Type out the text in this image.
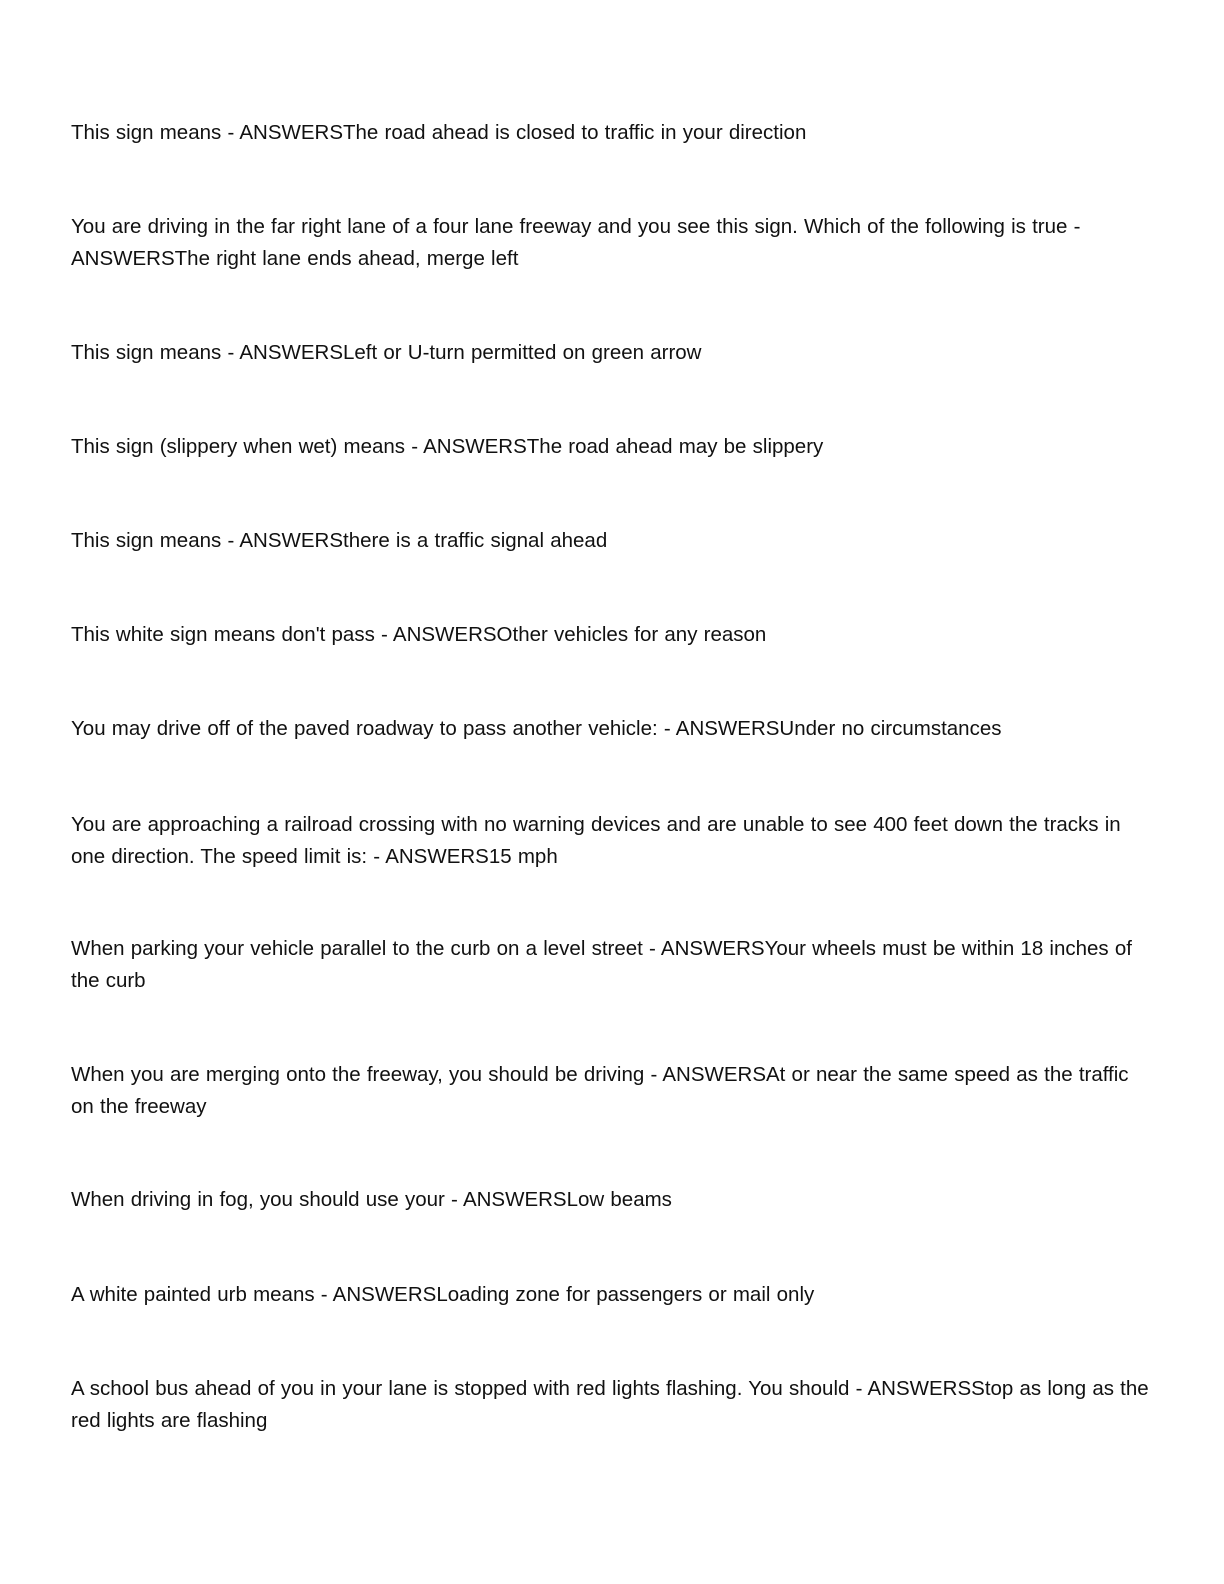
This sign means - ANSWERSThe road ahead is closed to traffic in your direction

You are driving in the far right lane of a four lane freeway and you see this sign. Which of the following is true - ANSWERSThe right lane ends ahead, merge left

This sign means - ANSWERSLeft or U-turn permitted on green arrow

This sign (slippery when wet) means - ANSWERSThe road ahead may be slippery

This sign means - ANSWERSthere is a traffic signal ahead

This white sign means don't pass - ANSWERSOther vehicles for any reason

You may drive off of the paved roadway to pass another vehicle: - ANSWERSUnder no circumstances

You are approaching a railroad crossing with no warning devices and are unable to see 400 feet down the tracks in one direction. The speed limit is: - ANSWERS15 mph

When parking your vehicle parallel to the curb on a level street - ANSWERSYour wheels must be within 18 inches of the curb

When you are merging onto the freeway, you should be driving - ANSWERSAt or near the same speed as the traffic on the freeway

When driving in fog, you should use your - ANSWERSLow beams

A white painted urb means - ANSWERSLoading zone for passengers or mail only

A school bus ahead of you in your lane is stopped with red lights flashing. You should - ANSWERSStop as long as the red lights are flashing
